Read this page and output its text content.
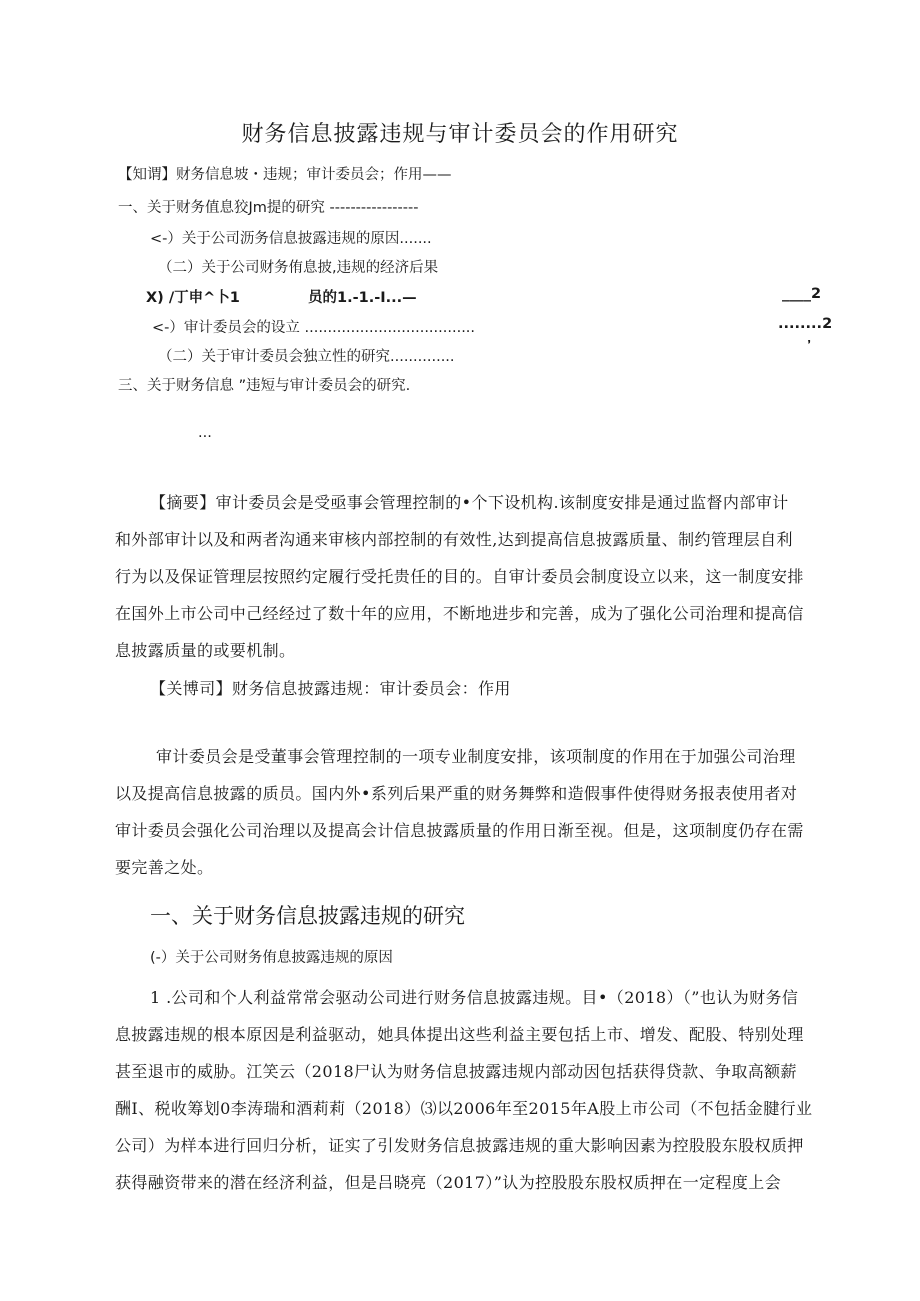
财务信息披露违规与审计委员会的作用研究
【知谓】财务信息坡・违规；审计委员会；作用——
一、关于财务值息狡Jm提的研究 -----------------
<-）关于公司沥务信息披露违规的原因.......
（二）关于公司财务侑息披,违规的经济后果
X) /丁申^卜1	员的1.-1.-I...—	____2
<-）审计委员会的设立 .....................................	........2
（二）关于审计委员会独立性的研究..............
三、关于财务信息 ”违短与审计委员会的研究.
...
【摘要】审计委员会是受亟事会管理控制的•个下设机构.该制度安排是通过监督内部审计
和外部审计以及和两者沟通来审核内部控制的有效性,达到提高信息披露质量、制约管理层自利
行为以及保证管理层按照约定履行受托贵任的目的。自审计委员会制度设立以来，这一制度安排
在国外上市公司中己经经过了数十年的应用，不断地进步和完善，成为了强化公司治理和提高信
息披露质量的或要机制。
【关博司】财务信息披露违规：审计委员会：作用
审计委员会是受董事会管理控制的一项专业制度安排，该项制度的作用在于加强公司治理
以及提高信息披露的质员。国内外•系列后果严重的财务舞弊和造假事件使得财务报表使用者对
审计委员会强化公司治理以及提高会计信息披露质量的作用日渐至视。但是，这项制度仍存在需
要完善之处。
一、关于财务信息披露违规的研究
(-）关于公司财务侑息披露违规的原因
1 .公司和个人利益常常会驱动公司进行财务信息披露违规。目•（2018）（”也认为财务信
息披露违规的根本原因是利益驱动，她具体提出这些利益主要包括上市、增发、配股、特别处理
甚至退市的威胁。江笑云（2018尸认为财务信息披露违规内部动因包括获得贷款、争取高额薪
酬I、税收筹划0李涛瑞和酒莉莉（2018）⑶以2006年至2015年A股上市公司（不包括金腱行业
公司）为样本进行回归分析，证实了引发财务信息披露违规的重大影响因素为控股股东股权质押
获得融资带来的潜在经济利益，但是吕晓亮（2017）”认为控股股东股权质押在一定程度上会
